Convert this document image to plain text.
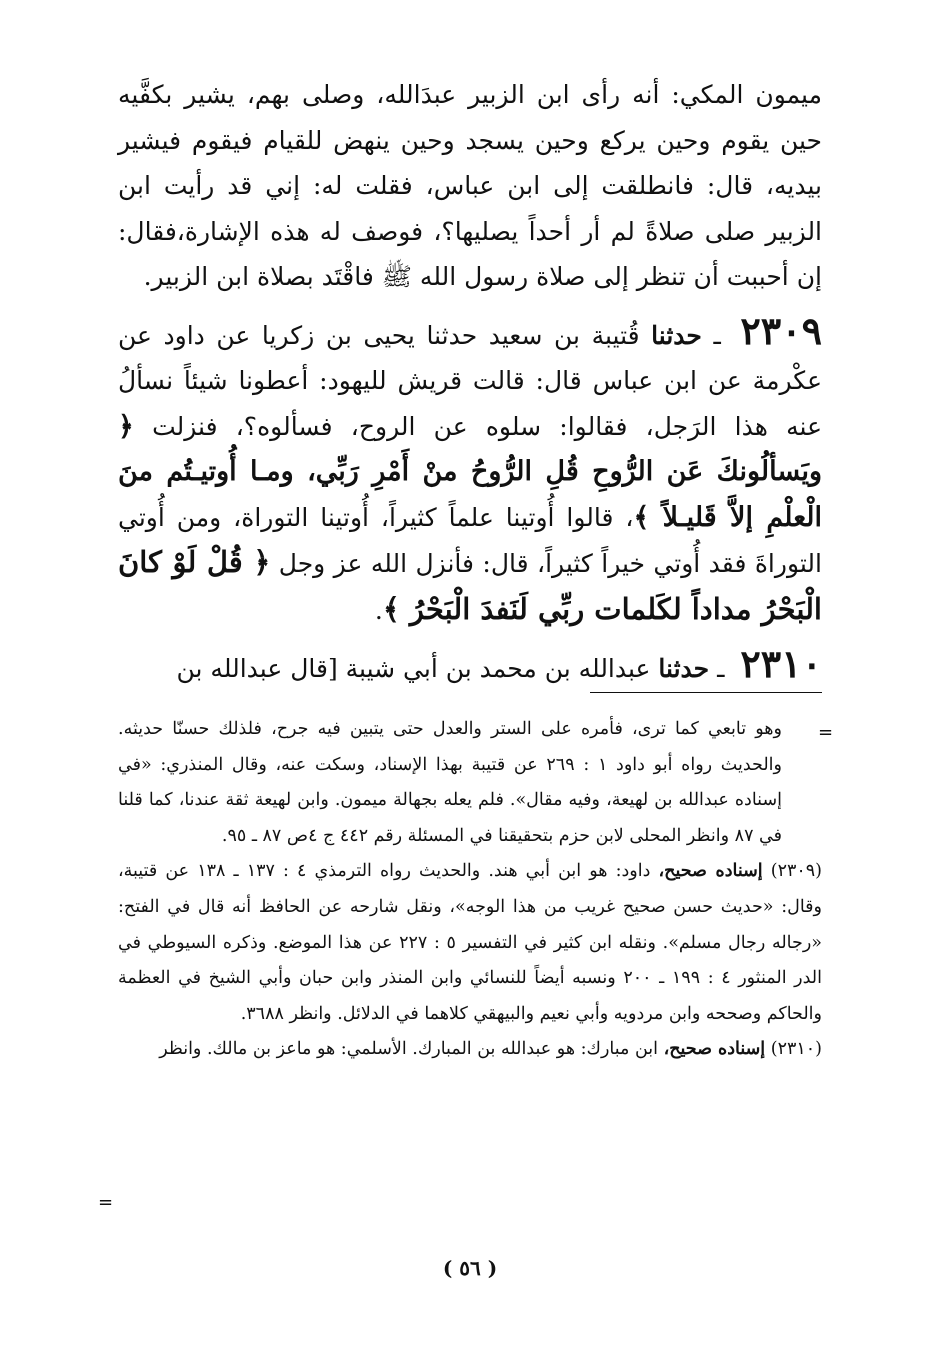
ميمون المكي: أنه رأى ابن الزبير عبدَالله، وصلى بهم، يشير بكفَّيه حين يقوم وحين يركع وحين يسجد وحين ينهض للقيام فيقوم فيشير بيديه، قال: فانطلقت إلى ابن عباس، فقلت له: إني قد رأيت ابن الزبير صلى صلاةً لم أر أحداً يصليها؟، فوصف له هذه الإشارة،فقال: إن أحببت أن تنظر إلى صلاة رسول الله ﷺ فاقْتَد بصلاة ابن الزبير.

٢٣٠٩ ـ حدثنا قُتيبة بن سعيد حدثنا يحيى بن زكريا عن داود عن عكْرمة عن ابن عباس قال: قالت قريش لليهود: أعطونا شيئاً نسألُ عنه هذا الرَجل، فقالوا: سلوه عن الروح، فسألوه؟، فنزلت ﴿ ويَسألُونكَ عَن الرُّوحِ قُلِ الرُّوحُ منْ أَمْرِ رَبِّي، ومـا أُوتيـتُم منَ الْعلْمِ إلاَّ قَليـلاً ﴾، قالوا أُوتينا علماً كثيراً، أُوتينا التوراة، ومن أُوتي التوراةَ فقد أُوتي خيراً كثيراً، قال: فأنزل الله عز وجل ﴿ قُلْ لَوْ كانَ الْبَحْرُ مداداً لكَلمات ربِّي لَنَفدَ الْبَحْرُ ﴾.

٢٣١٠ ـ حدثنا عبدالله بن محمد بن أبي شيبة [قال عبدالله بن

=

وهو تابعي كما ترى، فأمره على الستر والعدل حتى يتبين فيه جرح، فلذلك حسنّا حديثه. والحديث رواه أبو داود ١ : ٢٦٩ عن قتيبة بهذا الإسناد، وسكت عنه، وقال المنذري: «في إسناده عبدالله بن لهيعة، وفيه مقال». فلم يعله بجهالة ميمون. وابن لهيعة ثقة عندنا، كما قلنا في ٨٧ وانظر المحلى لابن حزم بتحقيقنا في المسئلة رقم ٤٤٢ ج ٤ص ٨٧ ـ ٩٥.

(٢٣٠٩) إسناده صحيح، داود: هو ابن أبي هند. والحديث رواه الترمذي ٤ : ١٣٧ ـ ١٣٨ عن قتيبة، وقال: «حديث حسن صحيح غريب من هذا الوجه»، ونقل شارحه عن الحافظ أنه قال في الفتح: «رجاله رجال مسلم». ونقله ابن كثير في التفسير ٥ : ٢٢٧ عن هذا الموضع. وذكره السيوطي في الدر المنثور ٤ : ١٩٩ ـ ٢٠٠ ونسبه أيضاً للنسائي وابن المنذر وابن حبان وأبي الشيخ في العظمة والحاكم وصححه وابن مردويه وأبي نعيم والبيهقي كلاهما في الدلائل. وانظر ٣٦٨٨.

(٢٣١٠) إسناده صحيح، ابن مبارك: هو عبدالله بن المبارك. الأسلمي: هو ماعز بن مالك. وانظر

=
( ٥٦ )
